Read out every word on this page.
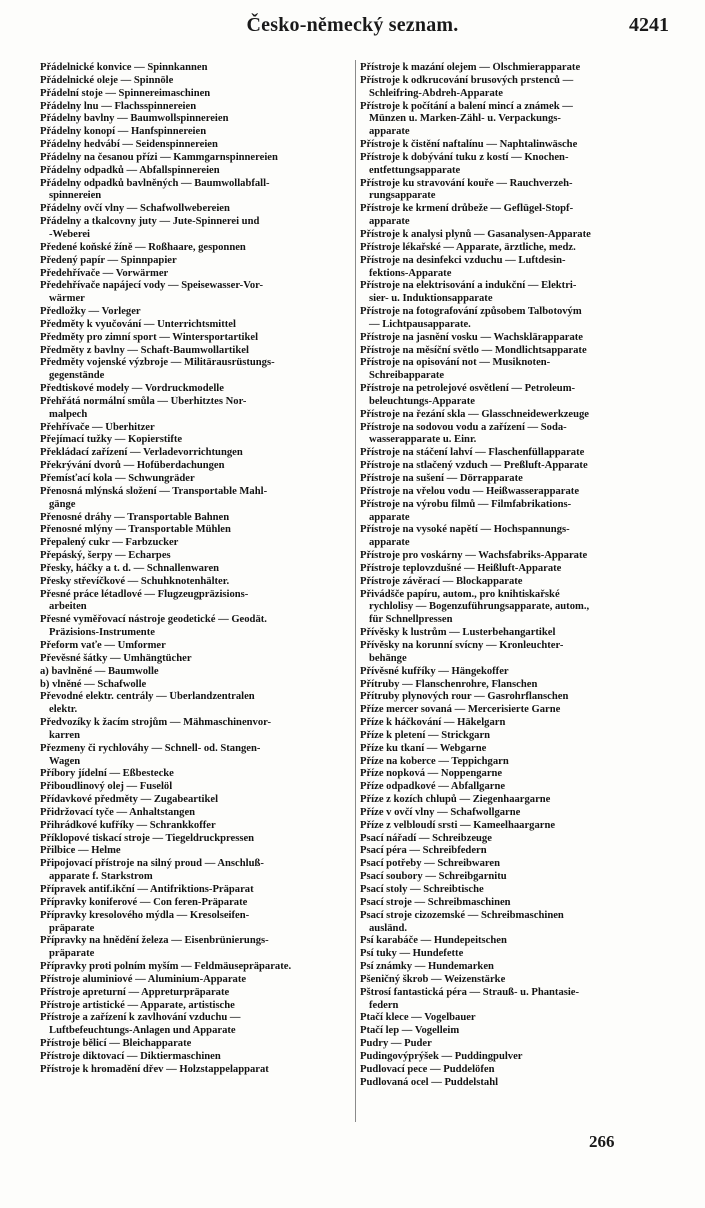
Česko-německý seznam.	4241
Přádelnické konvice — Spinnkannen
Přádelnické oleje — Spinnöle
Přádelní stoje — Spinnereimaschinen
Přádelny lnu — Flachsspinnereien
Přádelny bavlny — Baumwollspinnereien
Přádelny konopí — Hanfspinnereien
Přádelny hedvábí — Seidenspinnereien
Přádelny na česanou přízi — Kammgarnspinnereien
Přádelny odpadků — Abfallspinnereien
Přádelny odpadků bavlněných — Baumwollabfall-
spinnereien
Přádelny ovčí vlny — Schafwollwebereien
Přádelny a tkalcovny juty — Jute-Spinnerei und
-Weberei
Předené koňské žíně — Roßhaare, gesponnen
Předený papír — Spinnpapier
Předehřívače — Vorwärmer
Předehřívače napájecí vody — Speisewasser-Vor-
wärmer
Předložky — Vorleger
Předměty k vyučování — Unterrichtsmittel
Předměty pro zimní sport — Wintersportartikel
Předměty z bavlny — Schaft-Baumwollartikel
Předměty vojenské výzbroje — Militärausrüstungs-
gegenstände
Předtiskové modely — Vordruckmodelle
Přehřátá normální smůla — Überhitztes Nor-
malpech
Přehřívače — Überhitzer
Přejímací tužky — Kopierstifte
Překládací zařízení — Verladevorrichtungen
Překrývání dvorů — Hofüberdachungen
Přemísťací kola — Schwungräder
Přenosná mlýnská složení — Transportable Mahl-
gänge
Přenosné dráhy — Transportable Bahnen
Přenosné mlýny — Transportable Mühlen
Přepalený cukr — Farbzucker
Přepáský, šerpy — Echarpes
Přesky, háčky a t. d. — Schnallenwaren
Přesky střevíčkové — Schuhknotenhälter.
Přesné práce létadlové — Flugzeugpräzisions-
arbeiten
Přesné vyměřovací nástroje geodetické — Geodät.
Präzisions-Instrumente
Přeform vaťe — Umformer
Převěsné šátky — Umhängtücher
a) bavlněné — Baumwolle
b) vlněné — Schafwolle
Převodné elektr. centrály — Überlandzentralen
elektr.
Předvozíky k žacím strojům — Mähmaschinenvor-
karren
Přezmeny či rychlováhy — Schnell- od. Stangen-
Wagen
Příbory jídelní — Eßbestecke
Přiboudlinový olej — Fuselöl
Přídavkové předměty — Zugabeartikel
Přidržovací tyče — Anhaltstangen
Přihrádkové kufříky — Schrankkoffer
Příklopové tiskací stroje — Tiegeldruckpressen
Přilbice — Helme
Připojovací přístroje na silný proud — Anschluß-
apparate f. Starkstrom
Přípravek antif.ikční — Antifriktions-Präparat
Přípravky koniferové — Con feren-Präparate
Přípravky kresolového mýdla — Kresolseifen-
präparate
Přípravky na hnědění železa — Eisenbrünierungs-
präparate
Přípravky proti polním myším — Feldmäusepräparate.
Přístroje aluminiové — Aluminium-Apparate
Přístroje apreturní — Appreturpräparate
Přístroje artistické — Apparate, artistische
Přístroje a zařízení k zavlhování vzduchu —
Luftbefeuchtungs-Anlagen und Apparate
Přístroje bělicí — Bleichapparate
Přístroje diktovací — Diktiermaschinen
Přístroje k hromadění dřev — Holzstappelapparat
Přístroje k mazání olejem — Ölschmierapparate
Přístroje k odkrucování brusových prstenců —
Schleifring-Abdreh-Apparate
Přístroje k počítání a balení mincí a známek —
Münzen u. Marken-Zähl- u. Verpackungs-
apparate
Přístroje k čistění naftalínu — Naphtalinwäsche
Přístroje k dobývání tuku z kostí — Knochen-
entfettungsapparate
Přístroje ku stravování kouře — Rauchverzeh-
rungsapparate
Přístroje ke krmení drůbeže — Geflügel-Stopf-
apparate
Přístroje k analysi plynů — Gasanalysen-Apparate
Přístroje lékařské — Apparate, ärztliche, medz.
Přístroje na desinfekci vzduchu — Luftdesin-
fektions-Apparate
Přístroje na elektrisování a indukční — Elektri-
sier- u. Induktionsapparate
Přístroje na fotografování způsobem Talbotovým
— Lichtpausapparate.
Přístroje na jasnění vosku — Wachsklärapparate
Přístroje na měsíční světlo — Mondlichtsapparate
Přístroje na opisování not — Musiknoten-
Schreibapparate
Přístroje na petrolejové osvětlení — Petroleum-
beleuchtungs-Apparate
Přístroje na řezání skla — Glasschneidewerkzeuge
Přístroje na sodovou vodu a zařízení — Soda-
wasserapparate u. Einr.
Přístroje na stáčení lahví — Flaschenfüllapparate
Přístroje na stlačený vzduch — Preßluft-Apparate
Přístroje na sušení — Dörrapparate
Přístroje na vřelou vodu — Heißwasserapparate
Přístroje na výrobu filmů — Filmfabrikations-
apparate
Přístroje na vysoké napětí — Hochspannungs-
apparate
Přístroje pro voskárny — Wachsfabriks-Apparate
Přístroje teplovzdušné — Heißluft-Apparate
Přístroje závěrací — Blockapparate
Přivádšče papíru, autom., pro knihtiskařské
rychlolisy — Bogenzuführungsapparate, autom.,
für Schnellpressen
Přívěsky k lustrům — Lusterbehangartikel
Přívěsky na korunní svícny — Kronleuchter-
behänge
Přívěsné kufříky — Hängekoffer
Přítruby — Flanschenrohre, Flanschen
Přítruby plynových rour — Gasrohrflanschen
Příze mercer sovaná — Mercerisierte Garne
Příze k háčkování — Häkelgarn
Příze k pletení — Strickgarn
Příze ku tkaní — Webgarne
Příze na koberce — Teppichgarn
Příze nopková — Noppengarne
Příze odpadkové — Abfallgarne
Příze z kozích chlupů — Ziegenhaargarne
Příze v ovčí vlny — Schafwollgarne
Příze z velbloudí srsti — Kameelhaargarne
Psací nářadí — Schreibzeuge
Psací péra — Schreibfedern
Psací potřeby — Schreibwaren
Psací soubory — Schreibgarnitu
Psací stoly — Schreibtische
Psací stroje — Schreibmaschinen
Psací stroje cizozemské — Schreibmaschinen
ausländ.
Psí karabáče — Hundepeitschen
Psí tuky — Hundefette
Psí známky — Hundemarken
Pšeničný škrob — Weizenstärke
Pštrosí fantastická péra — Strauß- u. Phantasie-
federn
Ptačí klece — Vogelbauer
Ptačí lep — Vogelleim
Pudry — Puder
Pudingovýprýšek — Puddingpulver
Pudlovací pece — Puddelöfen
Pudlovaná ocel — Puddelstahl
266
